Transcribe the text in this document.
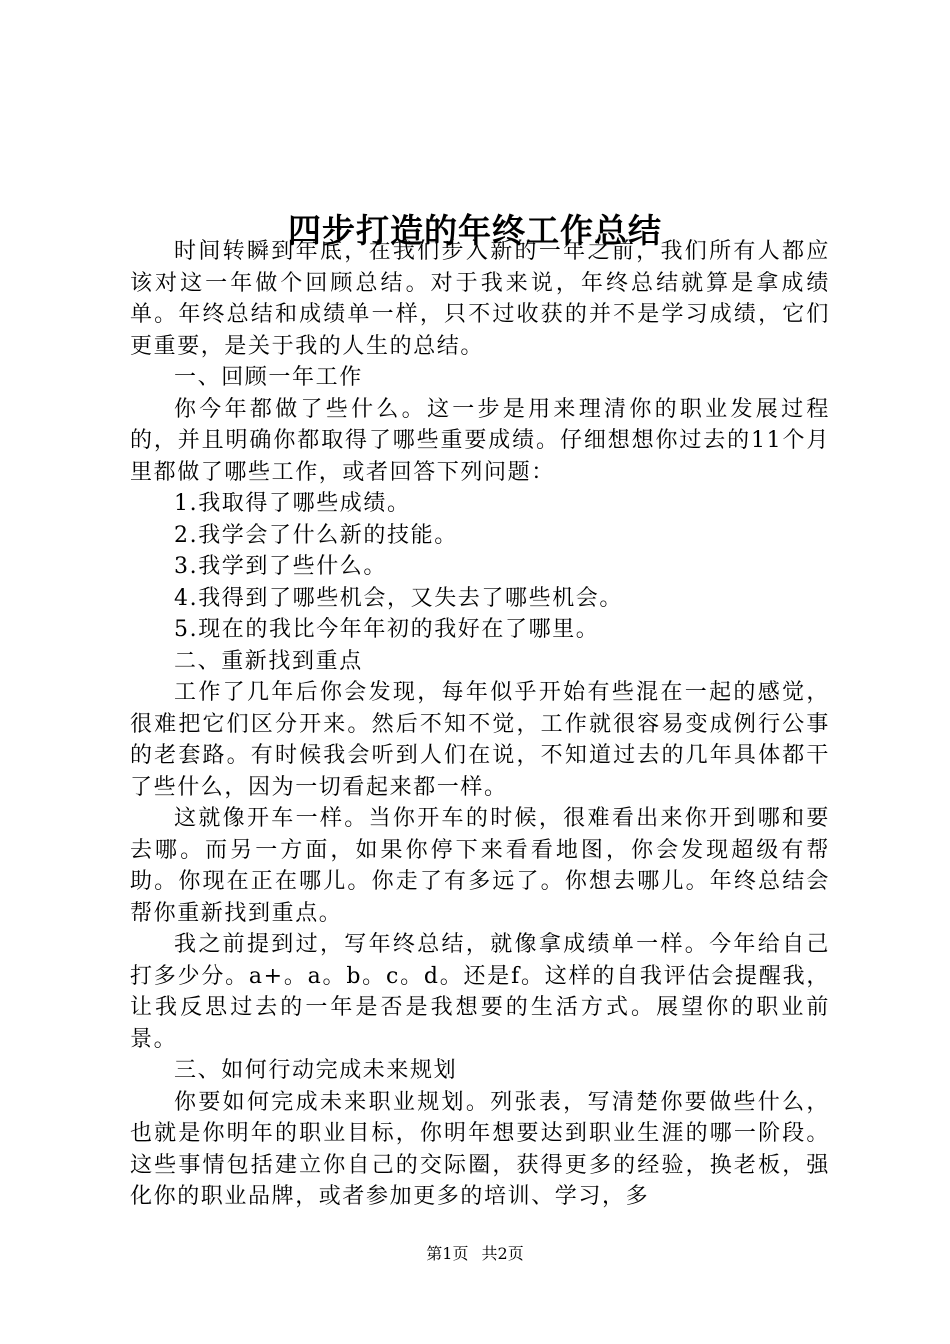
四步打造的年终工作总结

时间转瞬到年底，在我们步入新的一年之前，我们所有人都应该对这一年做个回顾总结。对于我来说，年终总结就算是拿成绩单。年终总结和成绩单一样，只不过收获的并不是学习成绩，它们更重要，是关于我的人生的总结。

一、回顾一年工作

你今年都做了些什么。这一步是用来理清你的职业发展过程的，并且明确你都取得了哪些重要成绩。仔细想想你过去的11个月里都做了哪些工作，或者回答下列问题：

1.我取得了哪些成绩。

2.我学会了什么新的技能。

3.我学到了些什么。

4.我得到了哪些机会，又失去了哪些机会。

5.现在的我比今年年初的我好在了哪里。

二、重新找到重点

工作了几年后你会发现，每年似乎开始有些混在一起的感觉，很难把它们区分开来。然后不知不觉，工作就很容易变成例行公事的老套路。有时候我会听到人们在说，不知道过去的几年具体都干了些什么，因为一切看起来都一样。

这就像开车一样。当你开车的时候，很难看出来你开到哪和要去哪。而另一方面，如果你停下来看看地图，你会发现超级有帮助。你现在正在哪儿。你走了有多远了。你想去哪儿。年终总结会帮你重新找到重点。

我之前提到过，写年终总结，就像拿成绩单一样。今年给自己打多少分。a+。a。b。c。d。还是f。这样的自我评估会提醒我，让我反思过去的一年是否是我想要的生活方式。展望你的职业前景。

三、如何行动完成未来规划

你要如何完成未来职业规划。列张表，写清楚你要做些什么，也就是你明年的职业目标，你明年想要达到职业生涯的哪一阶段。这些事情包括建立你自己的交际圈，获得更多的经验，换老板，强化你的职业品牌，或者参加更多的培训、学习，多

第1页 共2页
